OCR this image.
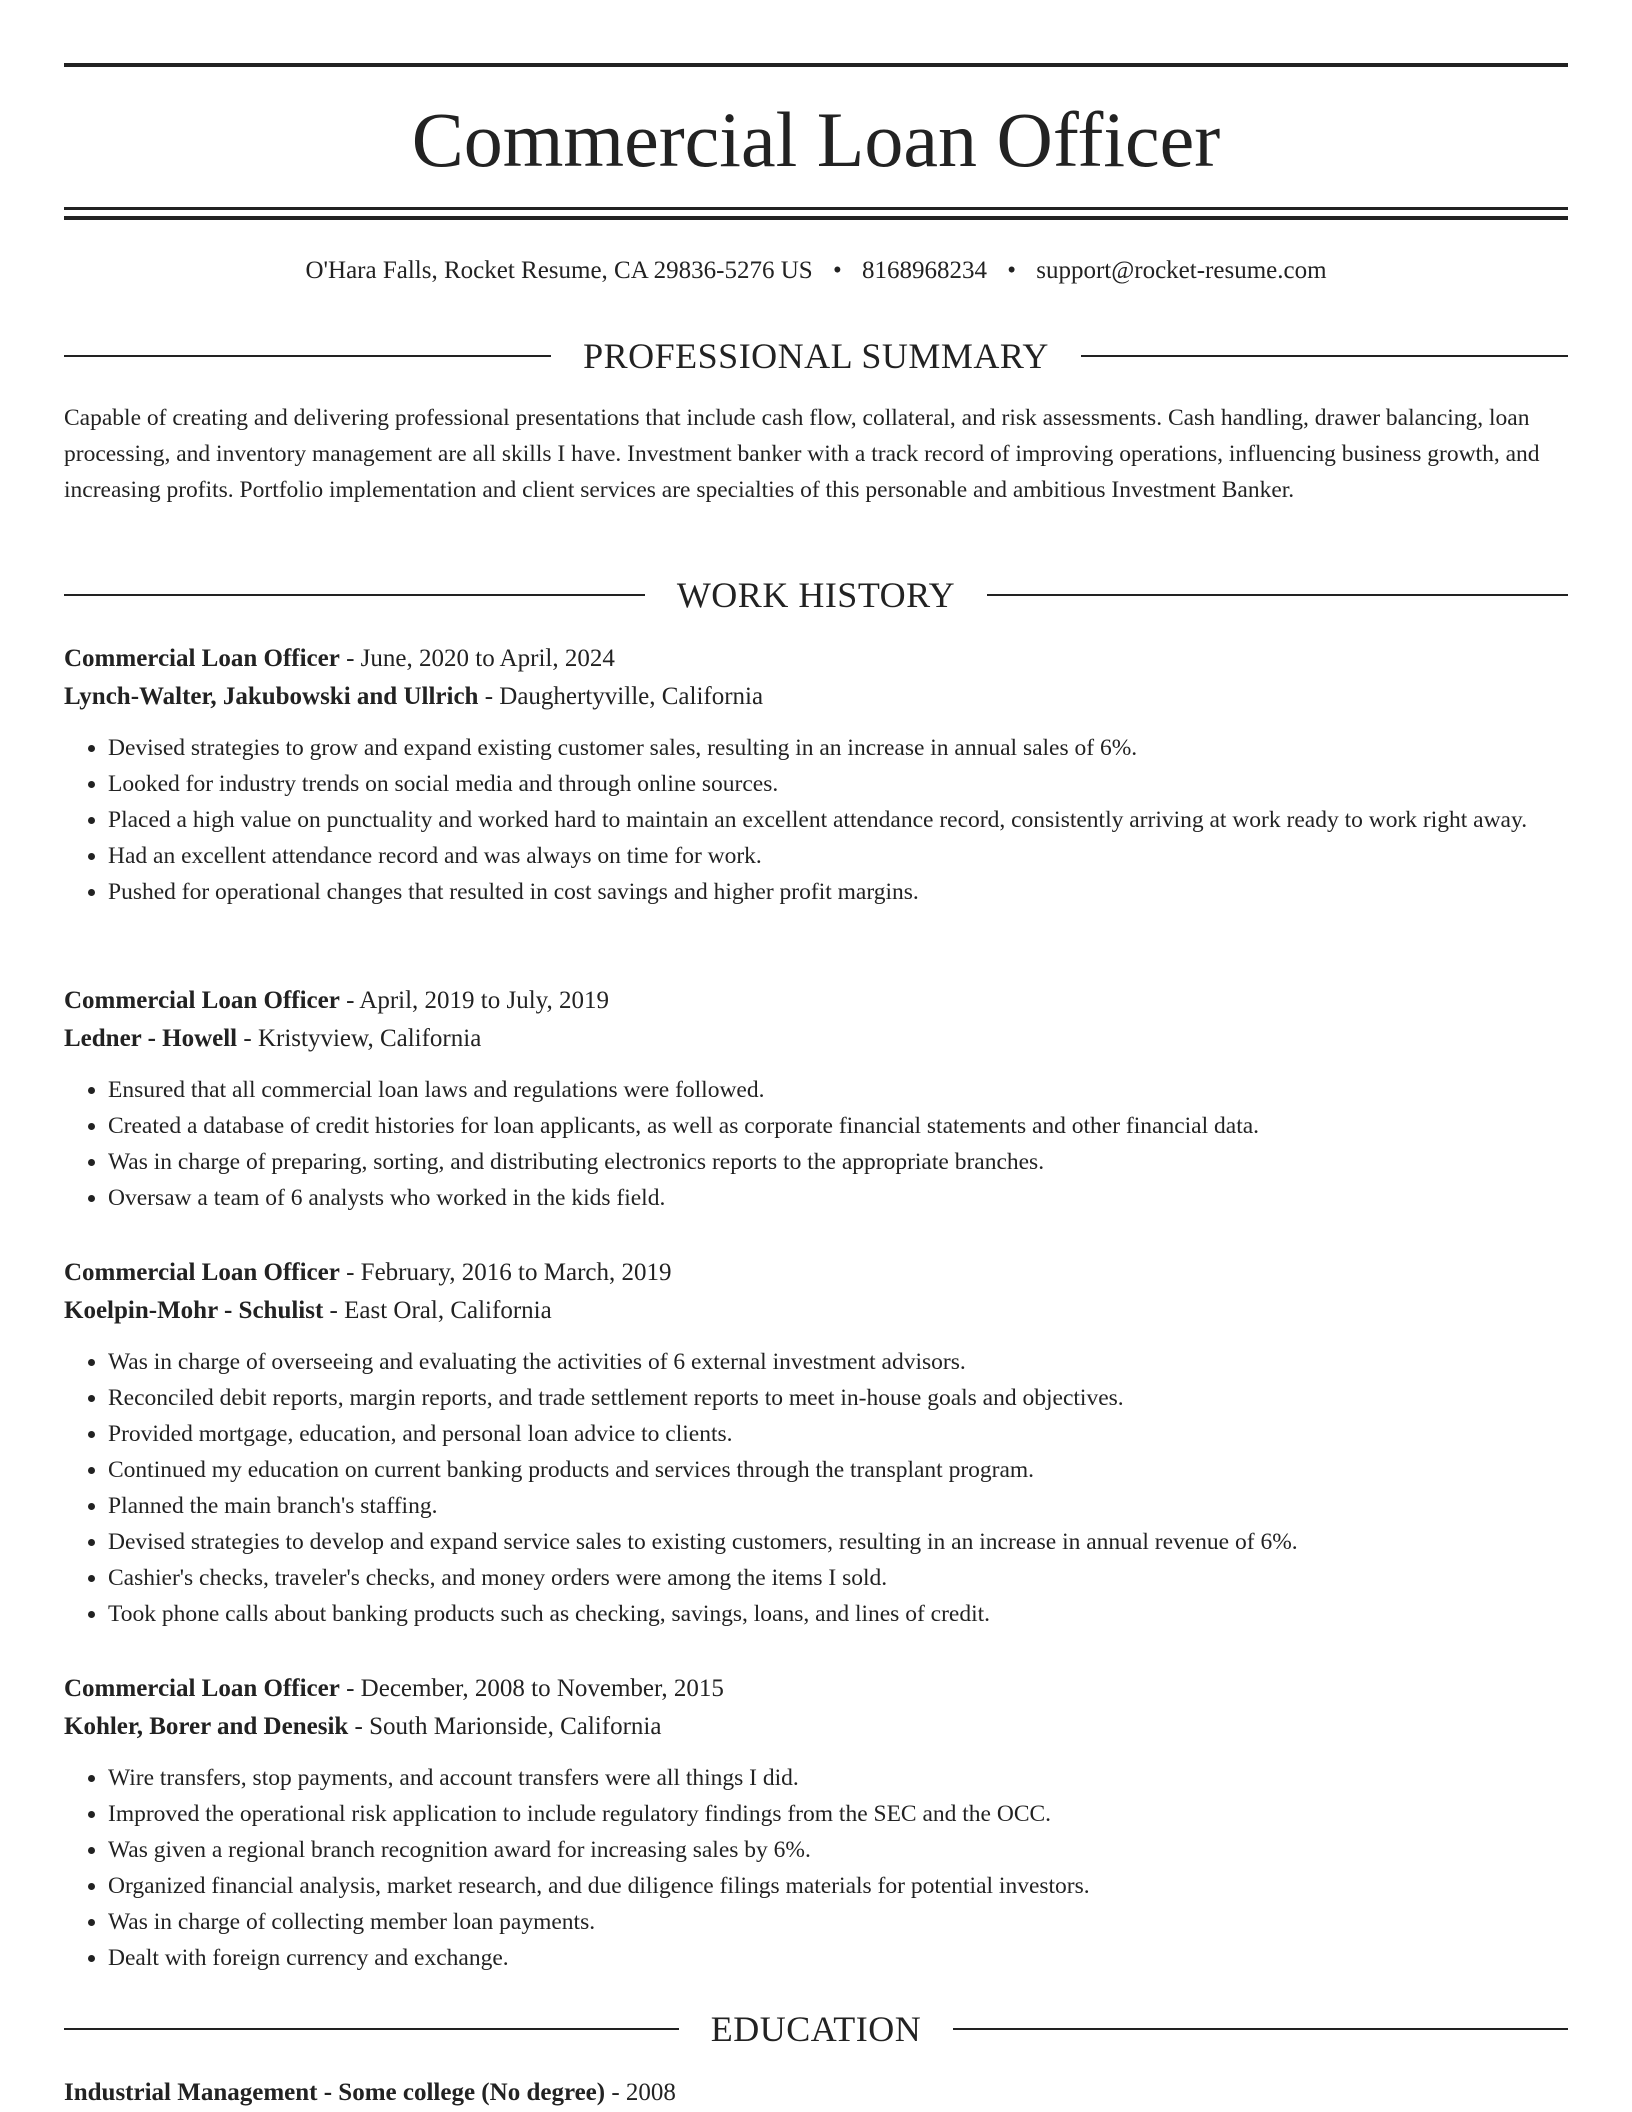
Commercial Loan Officer
O'Hara Falls, Rocket Resume, CA 29836-5276 US • 8168968234 • support@rocket-resume.com
PROFESSIONAL SUMMARY

Capable of creating and delivering professional presentations that include cash flow, collateral, and risk assessments. Cash handling, drawer balancing, loan processing, and inventory management are all skills I have. Investment banker with a track record of improving operations, influencing business growth, and increasing profits. Portfolio implementation and client services are specialties of this personable and ambitious Investment Banker.

WORK HISTORY
Commercial Loan Officer - June, 2020 to April, 2024
Lynch-Walter, Jakubowski and Ullrich - Daughertyville, California
• Devised strategies to grow and expand existing customer sales, resulting in an increase in annual sales of 6%.
• Looked for industry trends on social media and through online sources.
• Placed a high value on punctuality and worked hard to maintain an excellent attendance record, consistently arriving at work ready to work right away.
• Had an excellent attendance record and was always on time for work.
• Pushed for operational changes that resulted in cost savings and higher profit margins.
Commercial Loan Officer - April, 2019 to July, 2019
Ledner - Howell - Kristyview, California
• Ensured that all commercial loan laws and regulations were followed.
• Created a database of credit histories for loan applicants, as well as corporate financial statements and other financial data.
• Was in charge of preparing, sorting, and distributing electronics reports to the appropriate branches.
• Oversaw a team of 6 analysts who worked in the kids field.
Commercial Loan Officer - February, 2016 to March, 2019
Koelpin-Mohr - Schulist - East Oral, California
• Was in charge of overseeing and evaluating the activities of 6 external investment advisors.
• Reconciled debit reports, margin reports, and trade settlement reports to meet in-house goals and objectives.
• Provided mortgage, education, and personal loan advice to clients.
• Continued my education on current banking products and services through the transplant program.
• Planned the main branch's staffing.
• Devised strategies to develop and expand service sales to existing customers, resulting in an increase in annual revenue of 6%.
• Cashier's checks, traveler's checks, and money orders were among the items I sold.
• Took phone calls about banking products such as checking, savings, loans, and lines of credit.
Commercial Loan Officer - December, 2008 to November, 2015
Kohler, Borer and Denesik - South Marionside, California
• Wire transfers, stop payments, and account transfers were all things I did.
• Improved the operational risk application to include regulatory findings from the SEC and the OCC.
• Was given a regional branch recognition award for increasing sales by 6%.
• Organized financial analysis, market research, and due diligence filings materials for potential investors.
• Was in charge of collecting member loan payments.
• Dealt with foreign currency and exchange.
EDUCATION
Industrial Management - Some college (No degree) - 2008
